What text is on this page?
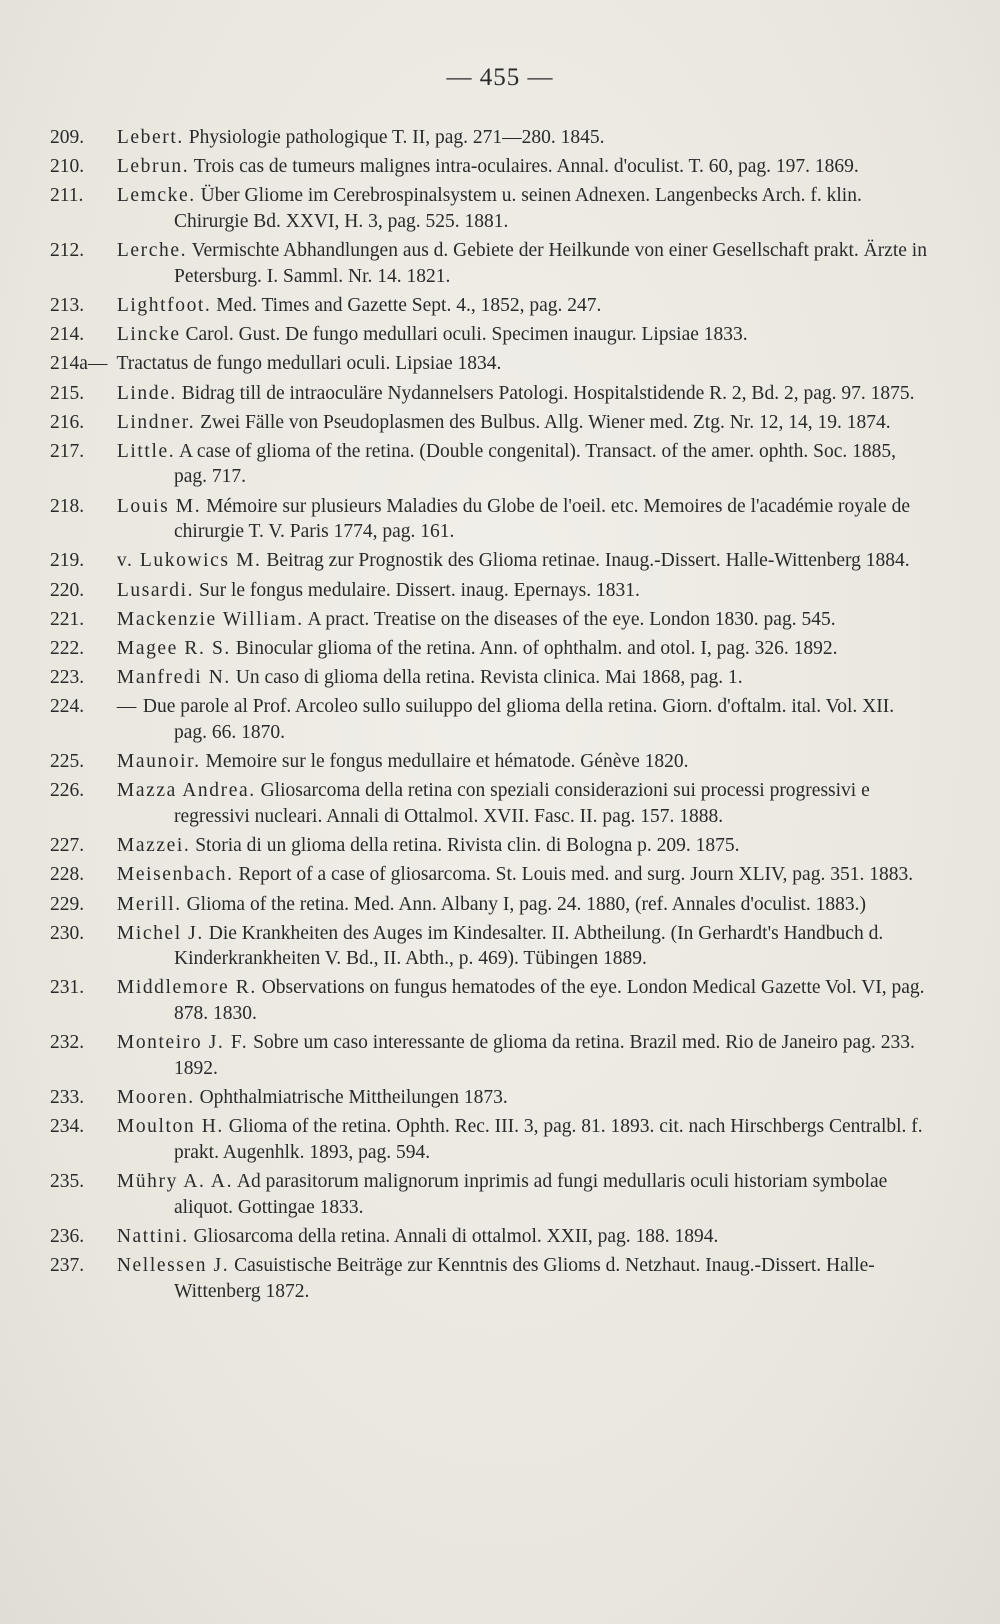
— 455 —
209. Lebert. Physiologie pathologique T. II, pag. 271—280. 1845.
210. Lebrun. Trois cas de tumeurs malignes intra-oculaires. Annal. d'oculist. T. 60, pag. 197. 1869.
211. Lemcke. Über Gliome im Cerebrospinalsystem u. seinen Adnexen. Langenbecks Arch. f. klin. Chirurgie Bd. XXVI, H. 3, pag. 525. 1881.
212. Lerche. Vermischte Abhandlungen aus d. Gebiete der Heilkunde von einer Gesellschaft prakt. Ärzte in Petersburg. I. Samml. Nr. 14. 1821.
213. Lightfoot. Med. Times and Gazette Sept. 4., 1852, pag. 247.
214. Lincke Carol. Gust. De fungo medullari oculi. Specimen inaugur. Lipsiae 1833.
214a— Tractatus de fungo medullari oculi. Lipsiae 1834.
215. Linde. Bidrag till de intraoculäre Nydannelsers Patologi. Hospitalstidende R. 2, Bd. 2, pag. 97. 1875.
216. Lindner. Zwei Fälle von Pseudoplasmen des Bulbus. Allg. Wiener med. Ztg. Nr. 12, 14, 19. 1874.
217. Little. A case of glioma of the retina. (Double congenital). Transact. of the amer. ophth. Soc. 1885, pag. 717.
218. Louis M. Mémoire sur plusieurs Maladies du Globe de l'oeil. etc. Memoires de l'académie royale de chirurgie T. V. Paris 1774, pag. 161.
219. v. Lukowics M. Beitrag zur Prognostik des Glioma retinae. Inaug.-Dissert. Halle-Wittenberg 1884.
220. Lusardi. Sur le fongus medulaire. Dissert. inaug. Epernays. 1831.
221. Mackenzie William. A pract. Treatise on the diseases of the eye. London 1830. pag. 545.
222. Magee R. S. Binocular glioma of the retina. Ann. of ophthalm. and otol. I, pag. 326. 1892.
223. Manfredi N. Un caso di glioma della retina. Revista clinica. Mai 1868, pag. 1.
224. — Due parole al Prof. Arcoleo sullo suiluppo del glioma della retina. Giorn. d'oftalm. ital. Vol. XII. pag. 66. 1870.
225. Maunoir. Memoire sur le fongus medullaire et hématode. Génève 1820.
226. Mazza Andrea. Gliosarcoma della retina con speziali considerazioni sui processi progressivi e regressivi nucleari. Annali di Ottalmol. XVII. Fasc. II. pag. 157. 1888.
227. Mazzei. Storia di un glioma della retina. Rivista clin. di Bologna p. 209. 1875.
228. Meisenbach. Report of a case of gliosarcoma. St. Louis med. and surg. Journ XLIV, pag. 351. 1883.
229. Merill. Glioma of the retina. Med. Ann. Albany I, pag. 24. 1880, (ref. Annales d'oculist. 1883.)
230. Michel J. Die Krankheiten des Auges im Kindesalter. II. Abtheilung. (In Gerhardt's Handbuch d. Kinderkrankheiten V. Bd., II. Abth., p. 469). Tübingen 1889.
231. Middlemore R. Observations on fungus hematodes of the eye. London Medical Gazette Vol. VI, pag. 878. 1830.
232. Monteiro J. F. Sobre um caso interessante de glioma da retina. Brazil med. Rio de Janeiro pag. 233. 1892.
233. Mooren. Ophthalmiatrische Mittheilungen 1873.
234. Moulton H. Glioma of the retina. Ophth. Rec. III. 3, pag. 81. 1893. cit. nach Hirschbergs Centralbl. f. prakt. Augenhlk. 1893, pag. 594.
235. Mühry A. A. Ad parasitorum malignorum inprimis ad fungi medullaris oculi historiam symbolae aliquot. Gottingae 1833.
236. Nattini. Gliosarcoma della retina. Annali di ottalmol. XXII, pag. 188. 1894.
237. Nellessen J. Casuistische Beiträge zur Kenntnis des Glioms d. Netzhaut. Inaug.-Dissert. Halle-Wittenberg 1872.
